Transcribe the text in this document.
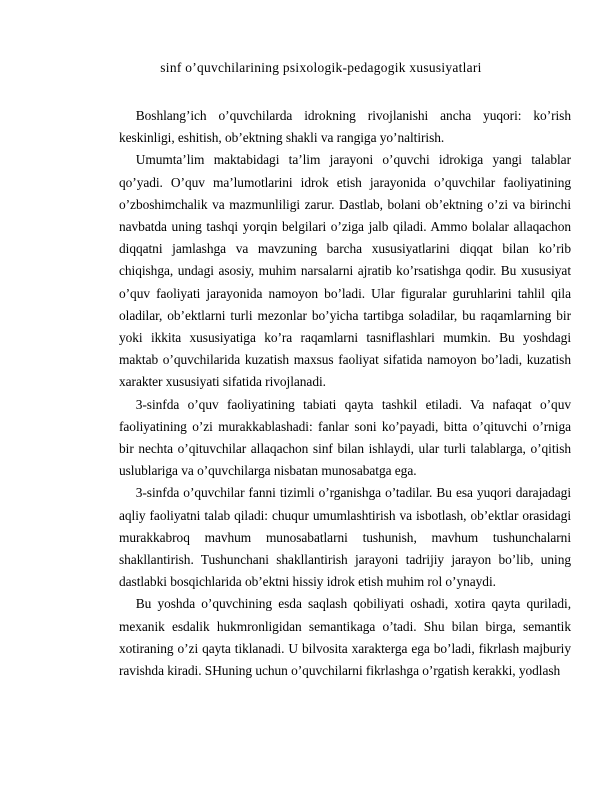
sinf o’quvchilarining psixologik-pedagogik xususiyatlari

Boshlang’ich o’quvchilarda idrokning rivojlanishi ancha yuqori: ko’rish keskinligi, eshitish, ob’ektning shakli va rangiga yo’naltirish.

Umumta’lim maktabidagi ta’lim jarayoni o’quvchi idrokiga yangi talablar qo’yadi. O’quv ma’lumotlarini idrok etish jarayonida o’quvchilar faoliyatining o’zboshimchalik va mazmunliligi zarur. Dastlab, bolani ob’ektning o’zi va birinchi navbatda uning tashqi yorqin belgilari o’ziga jalb qiladi. Ammo bolalar allaqachon diqqatni jamlashga va mavzuning barcha xususiyatlarini diqqat bilan ko’rib chiqishga, undagi asosiy, muhim narsalarni ajratib ko’rsatishga qodir. Bu xususiyat o’quv faoliyati jarayonida namoyon bo’ladi. Ular figuralar guruhlarini tahlil qila oladilar, ob’ektlarni turli mezonlar bo’yicha tartibga soladilar, bu raqamlarning bir yoki ikkita xususiyatiga ko’ra raqamlarni tasniflashlari mumkin. Bu yoshdagi maktab o’quvchilarida kuzatish maxsus faoliyat sifatida namoyon bo’ladi, kuzatish xarakter xususiyati sifatida rivojlanadi.

3-sinfda o’quv faoliyatining tabiati qayta tashkil etiladi. Va nafaqat o’quv faoliyatining o’zi murakkablashadi: fanlar soni ko’payadi, bitta o’qituvchi o’rniga bir nechta o’qituvchilar allaqachon sinf bilan ishlaydi, ular turli talablarga, o’qitish uslublariga va o’quvchilarga nisbatan munosabatga ega.

3-sinfda o’quvchilar fanni tizimli o’rganishga o’tadilar. Bu esa yuqori darajadagi aqliy faoliyatni talab qiladi: chuqur umumlashtirish va isbotlash, ob’ektlar orasidagi murakkabroq mavhum munosabatlarni tushunish, mavhum tushunchalarni shakllantirish. Tushunchani shakllantirish jarayoni tadrijiy jarayon bo’lib, uning dastlabki bosqichlarida ob’ektni hissiy idrok etish muhim rol o’ynaydi.

Bu yoshda o’quvchining esda saqlash qobiliyati oshadi, xotira qayta quriladi, mexanik esdalik hukmronligidan semantikaga o’tadi. Shu bilan birga, semantik xotiraning o’zi qayta tiklanadi. U bilvosita xarakterga ega bo’ladi, fikrlash majburiy ravishda kiradi. SHuning uchun o’quvchilarni fikrlashga o’rgatish kerakki, yodlash
